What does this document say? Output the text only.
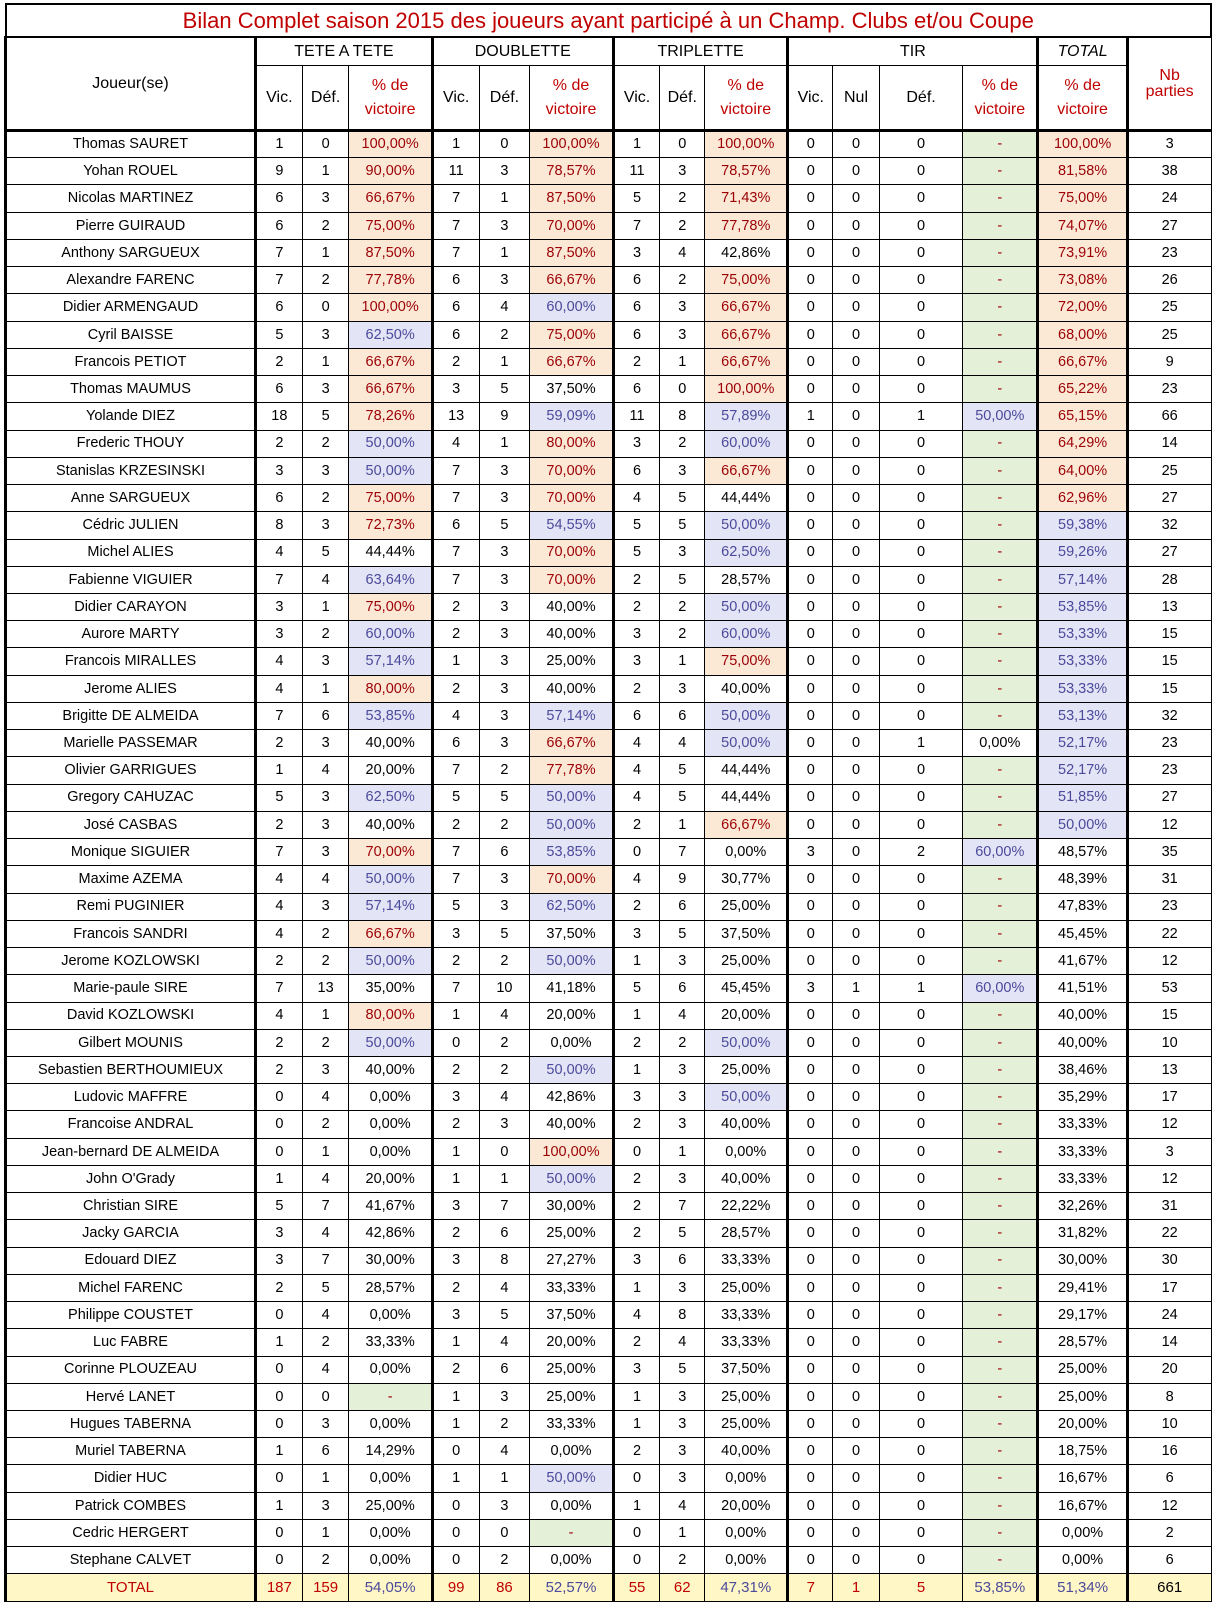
Bilan Complet saison 2015 des joueurs ayant participé à un Champ. Clubs et/ou Coupe															
Joueur(se)	TETE A TETE			DOUBLETTE			TRIPLETTE			TIR				TOTAL	Nb parties
	Vic.	Déf.	% de victoire	Vic.	Déf.	% de victoire	Vic.	Déf.	% de victoire	Vic.	Nul	Déf.	% de victoire	% de victoire	
Thomas SAURET	1	0	100,00%	1	0	100,00%	1	0	100,00%	0	0	0	-	100,00%	3
Yohan ROUEL	9	1	90,00%	11	3	78,57%	11	3	78,57%	0	0	0	-	81,58%	38
Nicolas MARTINEZ	6	3	66,67%	7	1	87,50%	5	2	71,43%	0	0	0	-	75,00%	24
Pierre GUIRAUD	6	2	75,00%	7	3	70,00%	7	2	77,78%	0	0	0	-	74,07%	27
Anthony SARGUEUX	7	1	87,50%	7	1	87,50%	3	4	42,86%	0	0	0	-	73,91%	23
Alexandre FARENC	7	2	77,78%	6	3	66,67%	6	2	75,00%	0	0	0	-	73,08%	26
Didier ARMENGAUD	6	0	100,00%	6	4	60,00%	6	3	66,67%	0	0	0	-	72,00%	25
Cyril BAISSE	5	3	62,50%	6	2	75,00%	6	3	66,67%	0	0	0	-	68,00%	25
Francois PETIOT	2	1	66,67%	2	1	66,67%	2	1	66,67%	0	0	0	-	66,67%	9
Thomas MAUMUS	6	3	66,67%	3	5	37,50%	6	0	100,00%	0	0	0	-	65,22%	23
Yolande DIEZ	18	5	78,26%	13	9	59,09%	11	8	57,89%	1	0	1	50,00%	65,15%	66
Frederic THOUY	2	2	50,00%	4	1	80,00%	3	2	60,00%	0	0	0	-	64,29%	14
Stanislas KRZESINSKI	3	3	50,00%	7	3	70,00%	6	3	66,67%	0	0	0	-	64,00%	25
Anne SARGUEUX	6	2	75,00%	7	3	70,00%	4	5	44,44%	0	0	0	-	62,96%	27
Cédric JULIEN	8	3	72,73%	6	5	54,55%	5	5	50,00%	0	0	0	-	59,38%	32
Michel ALIES	4	5	44,44%	7	3	70,00%	5	3	62,50%	0	0	0	-	59,26%	27
Fabienne VIGUIER	7	4	63,64%	7	3	70,00%	2	5	28,57%	0	0	0	-	57,14%	28
Didier CARAYON	3	1	75,00%	2	3	40,00%	2	2	50,00%	0	0	0	-	53,85%	13
Aurore MARTY	3	2	60,00%	2	3	40,00%	3	2	60,00%	0	0	0	-	53,33%	15
Francois MIRALLES	4	3	57,14%	1	3	25,00%	3	1	75,00%	0	0	0	-	53,33%	15
Jerome ALIES	4	1	80,00%	2	3	40,00%	2	3	40,00%	0	0	0	-	53,33%	15
Brigitte DE ALMEIDA	7	6	53,85%	4	3	57,14%	6	6	50,00%	0	0	0	-	53,13%	32
Marielle PASSEMAR	2	3	40,00%	6	3	66,67%	4	4	50,00%	0	0	1	0,00%	52,17%	23
Olivier GARRIGUES	1	4	20,00%	7	2	77,78%	4	5	44,44%	0	0	0	-	52,17%	23
Gregory CAHUZAC	5	3	62,50%	5	5	50,00%	4	5	44,44%	0	0	0	-	51,85%	27
José CASBAS	2	3	40,00%	2	2	50,00%	2	1	66,67%	0	0	0	-	50,00%	12
Monique SIGUIER	7	3	70,00%	7	6	53,85%	0	7	0,00%	3	0	2	60,00%	48,57%	35
Maxime AZEMA	4	4	50,00%	7	3	70,00%	4	9	30,77%	0	0	0	-	48,39%	31
Remi PUGINIER	4	3	57,14%	5	3	62,50%	2	6	25,00%	0	0	0	-	47,83%	23
Francois SANDRI	4	2	66,67%	3	5	37,50%	3	5	37,50%	0	0	0	-	45,45%	22
Jerome KOZLOWSKI	2	2	50,00%	2	2	50,00%	1	3	25,00%	0	0	0	-	41,67%	12
Marie-paule SIRE	7	13	35,00%	7	10	41,18%	5	6	45,45%	3	1	1	60,00%	41,51%	53
David KOZLOWSKI	4	1	80,00%	1	4	20,00%	1	4	20,00%	0	0	0	-	40,00%	15
Gilbert MOUNIS	2	2	50,00%	0	2	0,00%	2	2	50,00%	0	0	0	-	40,00%	10
Sebastien BERTHOUMIEUX	2	3	40,00%	2	2	50,00%	1	3	25,00%	0	0	0	-	38,46%	13
Ludovic MAFFRE	0	4	0,00%	3	4	42,86%	3	3	50,00%	0	0	0	-	35,29%	17
Francoise ANDRAL	0	2	0,00%	2	3	40,00%	2	3	40,00%	0	0	0	-	33,33%	12
Jean-bernard DE ALMEIDA	0	1	0,00%	1	0	100,00%	0	1	0,00%	0	0	0	-	33,33%	3
John O'Grady	1	4	20,00%	1	1	50,00%	2	3	40,00%	0	0	0	-	33,33%	12
Christian SIRE	5	7	41,67%	3	7	30,00%	2	7	22,22%	0	0	0	-	32,26%	31
Jacky GARCIA	3	4	42,86%	2	6	25,00%	2	5	28,57%	0	0	0	-	31,82%	22
Edouard DIEZ	3	7	30,00%	3	8	27,27%	3	6	33,33%	0	0	0	-	30,00%	30
Michel FARENC	2	5	28,57%	2	4	33,33%	1	3	25,00%	0	0	0	-	29,41%	17
Philippe COUSTET	0	4	0,00%	3	5	37,50%	4	8	33,33%	0	0	0	-	29,17%	24
Luc FABRE	1	2	33,33%	1	4	20,00%	2	4	33,33%	0	0	0	-	28,57%	14
Corinne PLOUZEAU	0	4	0,00%	2	6	25,00%	3	5	37,50%	0	0	0	-	25,00%	20
Hervé LANET	0	0	-	1	3	25,00%	1	3	25,00%	0	0	0	-	25,00%	8
Hugues TABERNA	0	3	0,00%	1	2	33,33%	1	3	25,00%	0	0	0	-	20,00%	10
Muriel TABERNA	1	6	14,29%	0	4	0,00%	2	3	40,00%	0	0	0	-	18,75%	16
Didier HUC	0	1	0,00%	1	1	50,00%	0	3	0,00%	0	0	0	-	16,67%	6
Patrick COMBES	1	3	25,00%	0	3	0,00%	1	4	20,00%	0	0	0	-	16,67%	12
Cedric HERGERT	0	1	0,00%	0	0	-	0	1	0,00%	0	0	0	-	0,00%	2
Stephane CALVET	0	2	0,00%	0	2	0,00%	0	2	0,00%	0	0	0	-	0,00%	6
TOTAL	187	159	54,05%	99	86	52,57%	55	62	47,31%	7	1	5	53,85%	51,34%	661
